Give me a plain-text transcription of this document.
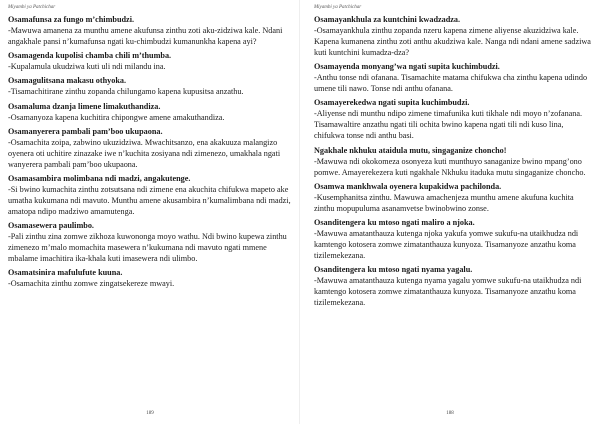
Miyambi ya Patchichar
Osamafunsa za fungo m’chimbudzi.

-Mawuwa amanena za munthu amene akufunsa zinthu zoti aku-zidziwa kale. Ndani angakhale pansi n’kumafunsa ngati ku-chimbudzi kumanunkha kapena ayi?

Osamagenda kupolisi chamba chili m’thumba.

-Kupalamula ukudziwa kuti uli ndi milandu ina.

Osamagulitsana makasu othyoka.

-Tisamachitirane zinthu zopanda chilungamo kapena kupusitsa anzathu.

Osamaluma dzanja limene limakuthandiza.

-Osamanyoza kapena kuchitira chipongwe amene amakuthandiza.

Osamanyerera pambali pam’boo ukupaona.

-Osamachita zoipa, zabwino ukuzidziwa. Mwachitsanzo, ena akakuuza malangizo oyenera oti uchitire zinazake iwe n’kuchita zosiyana ndi zimenezo, umakhala ngati wanyerera pambali pam’boo ukupaona.

Osamasambira molimbana ndi madzi, angakutenge.

-Si bwino kumachita zinthu zotsutsana ndi zimene ena akuchita chifukwa mapeto ake umatha kukumana ndi mavuto. Munthu amene akusambira n’kumalimbana ndi madzi, amatopa ndipo madziwo amamutenga.

Osamasewera paulimbo.

-Pali zinthu zina zomwe zikhoza kuwononga moyo wathu. Ndi bwino kupewa zinthu zimenezo m’malo momachita masewera n’kukumana ndi mavuto ngati mmene mbalame imachitira ika-khala kuti imasewera ndi ulimbo.

Osamatsinira mafulufute kuuna.

-Osamachita zinthu zomwe zingatsekereze mwayi.

189
Miyambi ya Patchichar
Osamayankhula za kuntchini kwadzadza.

-Osamayankhula zinthu zopanda nzeru kapena zimene aliyense akuzidziwa kale. Kapena kumanena zinthu zoti anthu akudziwa kale. Nanga ndi ndani amene sadziwa kuti kuntchini kumadza-dza?

Osamayenda monyang’wa ngati supita kuchimbudzi.

-Anthu tonse ndi ofanana. Tisamachite matama chifukwa cha zinthu kapena udindo umene tili nawo. Tonse ndi anthu ofanana.

Osamayerekedwa ngati supita kuchimbudzi.

-Aliyense ndi munthu ndipo zimene timafunika kuti tikhale ndi moyo n’zofanana. Tisamawaltire anzathu ngati tili ochita bwino kapena ngati tili ndi kuso lina, chifukwa tonse ndi anthu basi.

Ngakhale nkhuku ataidula mutu, singaganize choncho!

-Mawuwa ndi okokomeza osonyeza kuti munthuyo sanaganize bwino mpang’ono pomwe. Amayerekezera kuti ngakhale Nkhuku itaduka mutu singaganize choncho.

Osamwa mankhwala oyenera kupakidwa pachilonda.

-Kusemphanitsa zinthu. Mawuwa amachenjeza munthu amene akufuna kuchita zinthu mopupuluma asanamvetse bwinobwino zonse.

Osanditengera ku mtoso ngati maliro a njoka.

-Mawuwa amatanthauza kutenga njoka yakufa yomwe sukufu-na utaikhudza ndi kamtengo kotosera zomwe zimatanthauza kunyoza. Tisamanyoze anzathu koma tizilemekezana.

Osanditengera ku mtoso ngati nyama yagalu.

-Mawuwa amatanthauza kutenga nyama yagalu yomwe sukufu-na utaikhudza ndi kamtengo kotosera zomwe zimatanthauza kunyoza. Tisamanyoze anzathu koma tizilemekezana.

188
